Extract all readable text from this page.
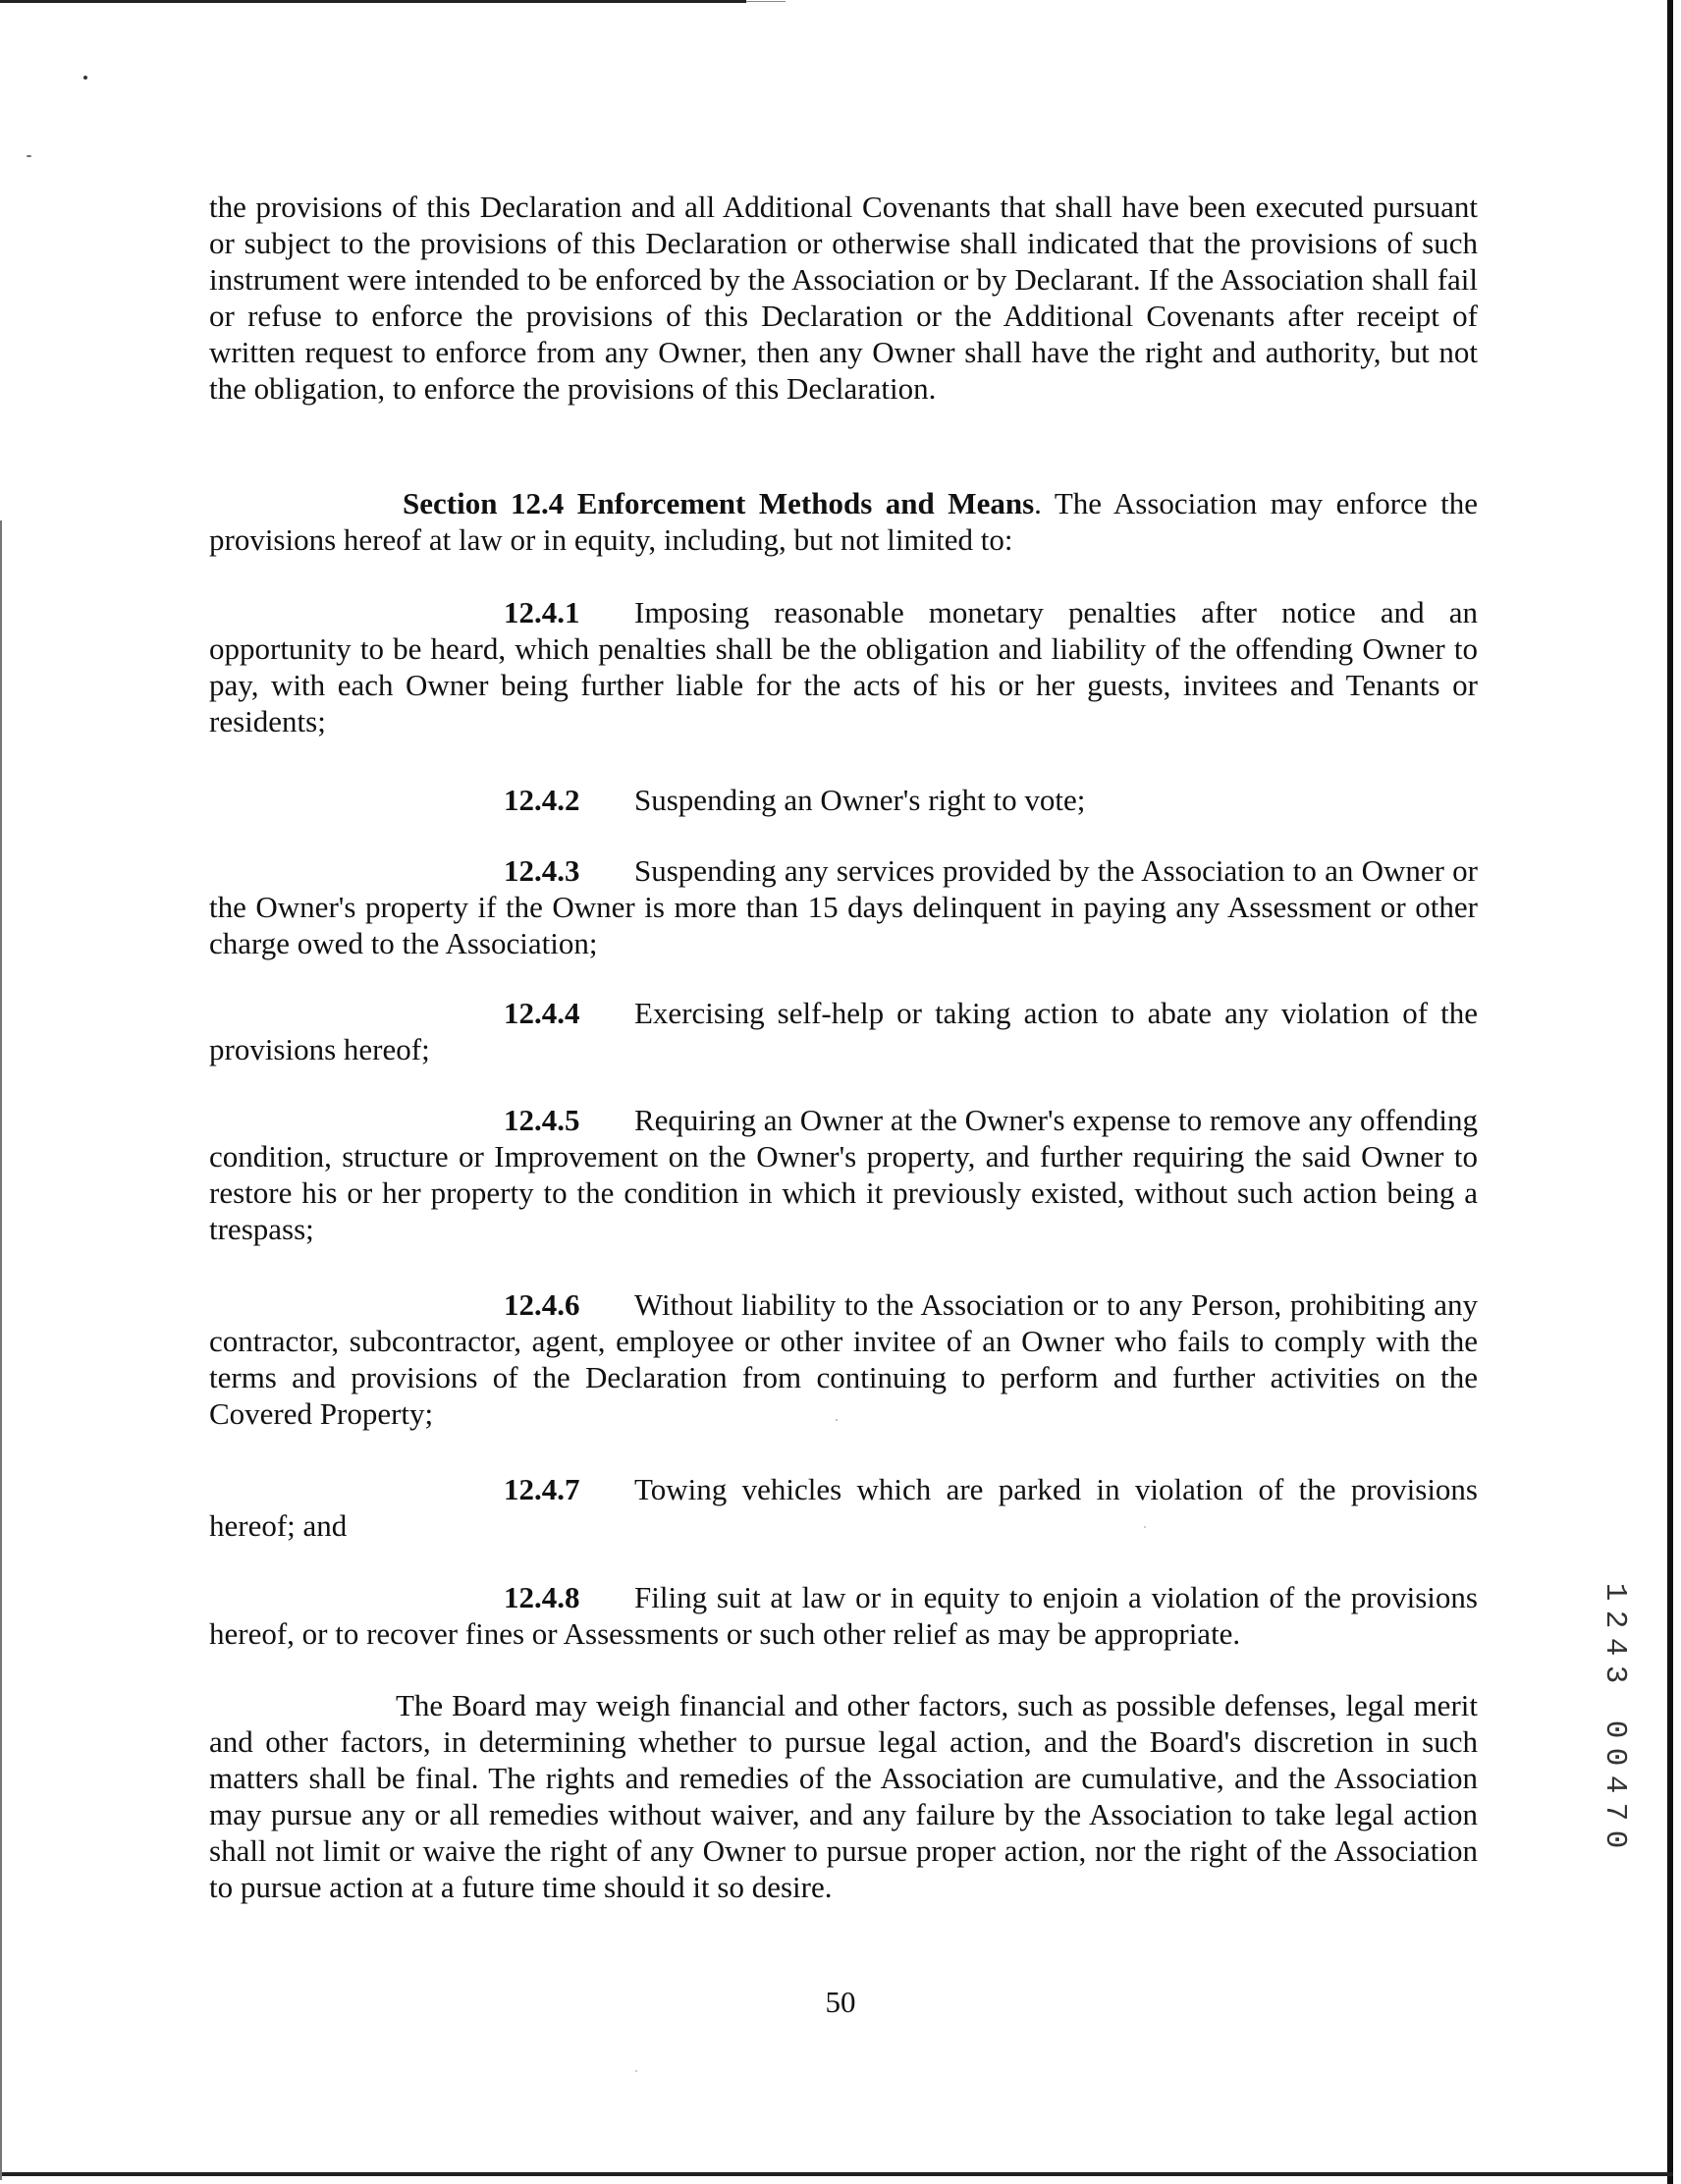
the provisions of this Declaration and all Additional Covenants that shall have been executed pursuant or subject to the provisions of this Declaration or otherwise shall indicated that the provisions of such instrument were intended to be enforced by the Association or by Declarant. If the Association shall fail or refuse to enforce the provisions of this Declaration or the Additional Covenants after receipt of written request to enforce from any Owner, then any Owner shall have the right and authority, but not the obligation, to enforce the provisions of this Declaration.

Section 12.4 Enforcement Methods and Means. The Association may enforce the provisions hereof at law or in equity, including, but not limited to:

12.4.1 Imposing reasonable monetary penalties after notice and an opportunity to be heard, which penalties shall be the obligation and liability of the offending Owner to pay, with each Owner being further liable for the acts of his or her guests, invitees and Tenants or residents;

12.4.2 Suspending an Owner's right to vote;

12.4.3 Suspending any services provided by the Association to an Owner or the Owner's property if the Owner is more than 15 days delinquent in paying any Assessment or other charge owed to the Association;

12.4.4 Exercising self-help or taking action to abate any violation of the provisions hereof;

12.4.5 Requiring an Owner at the Owner's expense to remove any offending condition, structure or Improvement on the Owner's property, and further requiring the said Owner to restore his or her property to the condition in which it previously existed, without such action being a trespass;

12.4.6 Without liability to the Association or to any Person, prohibiting any contractor, subcontractor, agent, employee or other invitee of an Owner who fails to comply with the terms and provisions of the Declaration from continuing to perform and further activities on the Covered Property;

12.4.7 Towing vehicles which are parked in violation of the provisions hereof; and

12.4.8 Filing suit at law or in equity to enjoin a violation of the provisions hereof, or to recover fines or Assessments or such other relief as may be appropriate.

The Board may weigh financial and other factors, such as possible defenses, legal merit and other factors, in determining whether to pursue legal action, and the Board's discretion in such matters shall be final. The rights and remedies of the Association are cumulative, and the Association may pursue any or all remedies without waiver, and any failure by the Association to take legal action shall not limit or waive the right of any Owner to pursue proper action, nor the right of the Association to pursue action at a future time should it so desire.

50
1
2
4
3
0
0
4
7
0
